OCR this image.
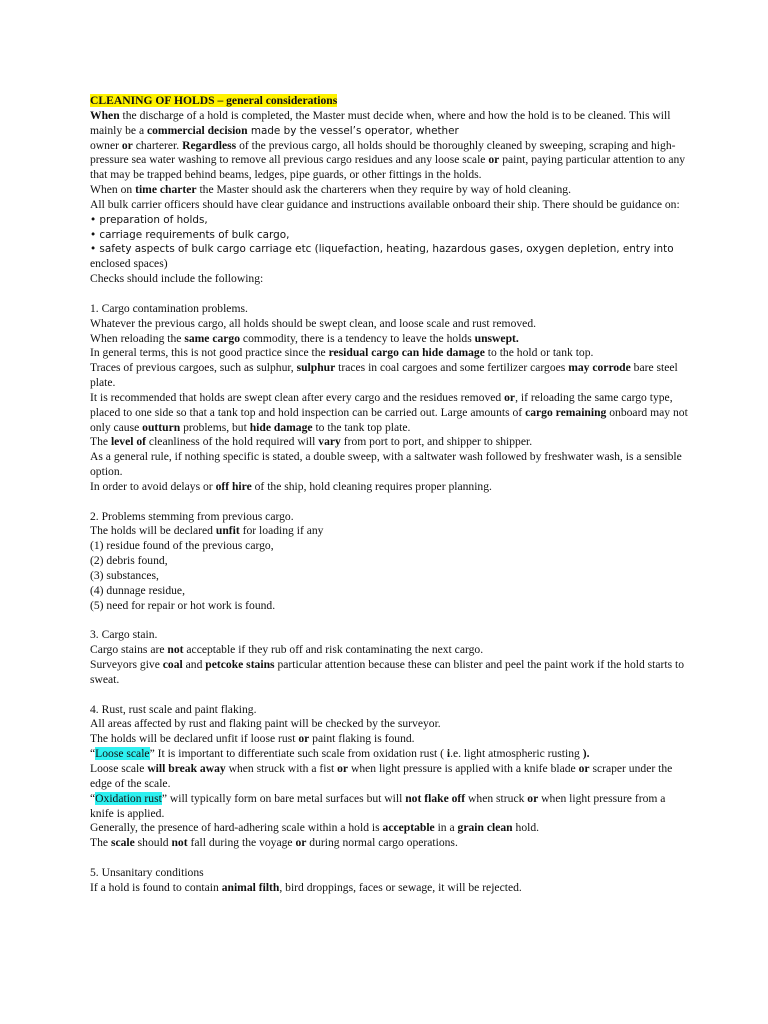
CLEANING OF HOLDS – general considerations
When the discharge of a hold is completed, the Master must decide when, where and how the hold is to be cleaned. This will mainly be a commercial decision made by the vessel’s operator, whether
owner or charterer. Regardless of the previous cargo, all holds should be thoroughly cleaned by sweeping, scraping and high-pressure sea water washing to remove all previous cargo residues and any loose scale or paint, paying particular attention to any that may be trapped behind beams, ledges, pipe guards, or other fittings in the holds.

When on time charter the Master should ask the charterers when they require by way of hold cleaning.

All bulk carrier officers should have clear guidance and instructions available onboard their ship. There should be guidance on:

• preparation of holds,
• carriage requirements of bulk cargo,
• safety aspects of bulk cargo carriage etc (liquefaction, heating, hazardous gases, oxygen depletion, entry into
enclosed spaces)

Checks should include the following:

1. Cargo contamination problems.

Whatever the previous cargo, all holds should be swept clean, and loose scale and rust removed.

When reloading the same cargo commodity, there is a tendency to leave the holds unswept.

In general terms, this is not good practice since the residual cargo can hide damage to the hold or tank top.

Traces of previous cargoes, such as sulphur, sulphur traces in coal cargoes and some fertilizer cargoes may corrode bare steel plate.

It is recommended that holds are swept clean after every cargo and the residues removed or, if reloading the same cargo type, placed to one side so that a tank top and hold inspection can be carried out. Large amounts of cargo remaining onboard may not only cause outturn problems, but hide damage to the tank top plate.

The level of cleanliness of the hold required will vary from port to port, and shipper to shipper.

As a general rule, if nothing specific is stated, a double sweep, with a saltwater wash followed by freshwater wash, is a sensible option.

In order to avoid delays or off hire of the ship, hold cleaning requires proper planning.

2. Problems stemming from previous cargo.

The holds will be declared unfit for loading if any

(1) residue found of the previous cargo,

(2) debris found,

(3) substances,

(4) dunnage residue,

(5) need for repair or hot work is found.

3. Cargo stain.

Cargo stains are not acceptable if they rub off and risk contaminating the next cargo.

Surveyors give coal and petcoke stains particular attention because these can blister and peel the paint work if the hold starts to sweat.

4. Rust, rust scale and paint flaking.

All areas affected by rust and flaking paint will be checked by the surveyor.

The holds will be declared unfit if loose rust or paint flaking is found.

“Loose scale” It is important to differentiate such scale from oxidation rust ( i.e. light atmospheric rusting ).

Loose scale will break away when struck with a fist or when light pressure is applied with a knife blade or scraper under the edge of the scale.

“Oxidation rust” will typically form on bare metal surfaces but will not flake off when struck or when light pressure from a knife is applied.

Generally, the presence of hard-adhering scale within a hold is acceptable in a grain clean hold.

The scale should not fall during the voyage or during normal cargo operations.

5. Unsanitary conditions

If a hold is found to contain animal filth, bird droppings, faces or sewage, it will be rejected.
